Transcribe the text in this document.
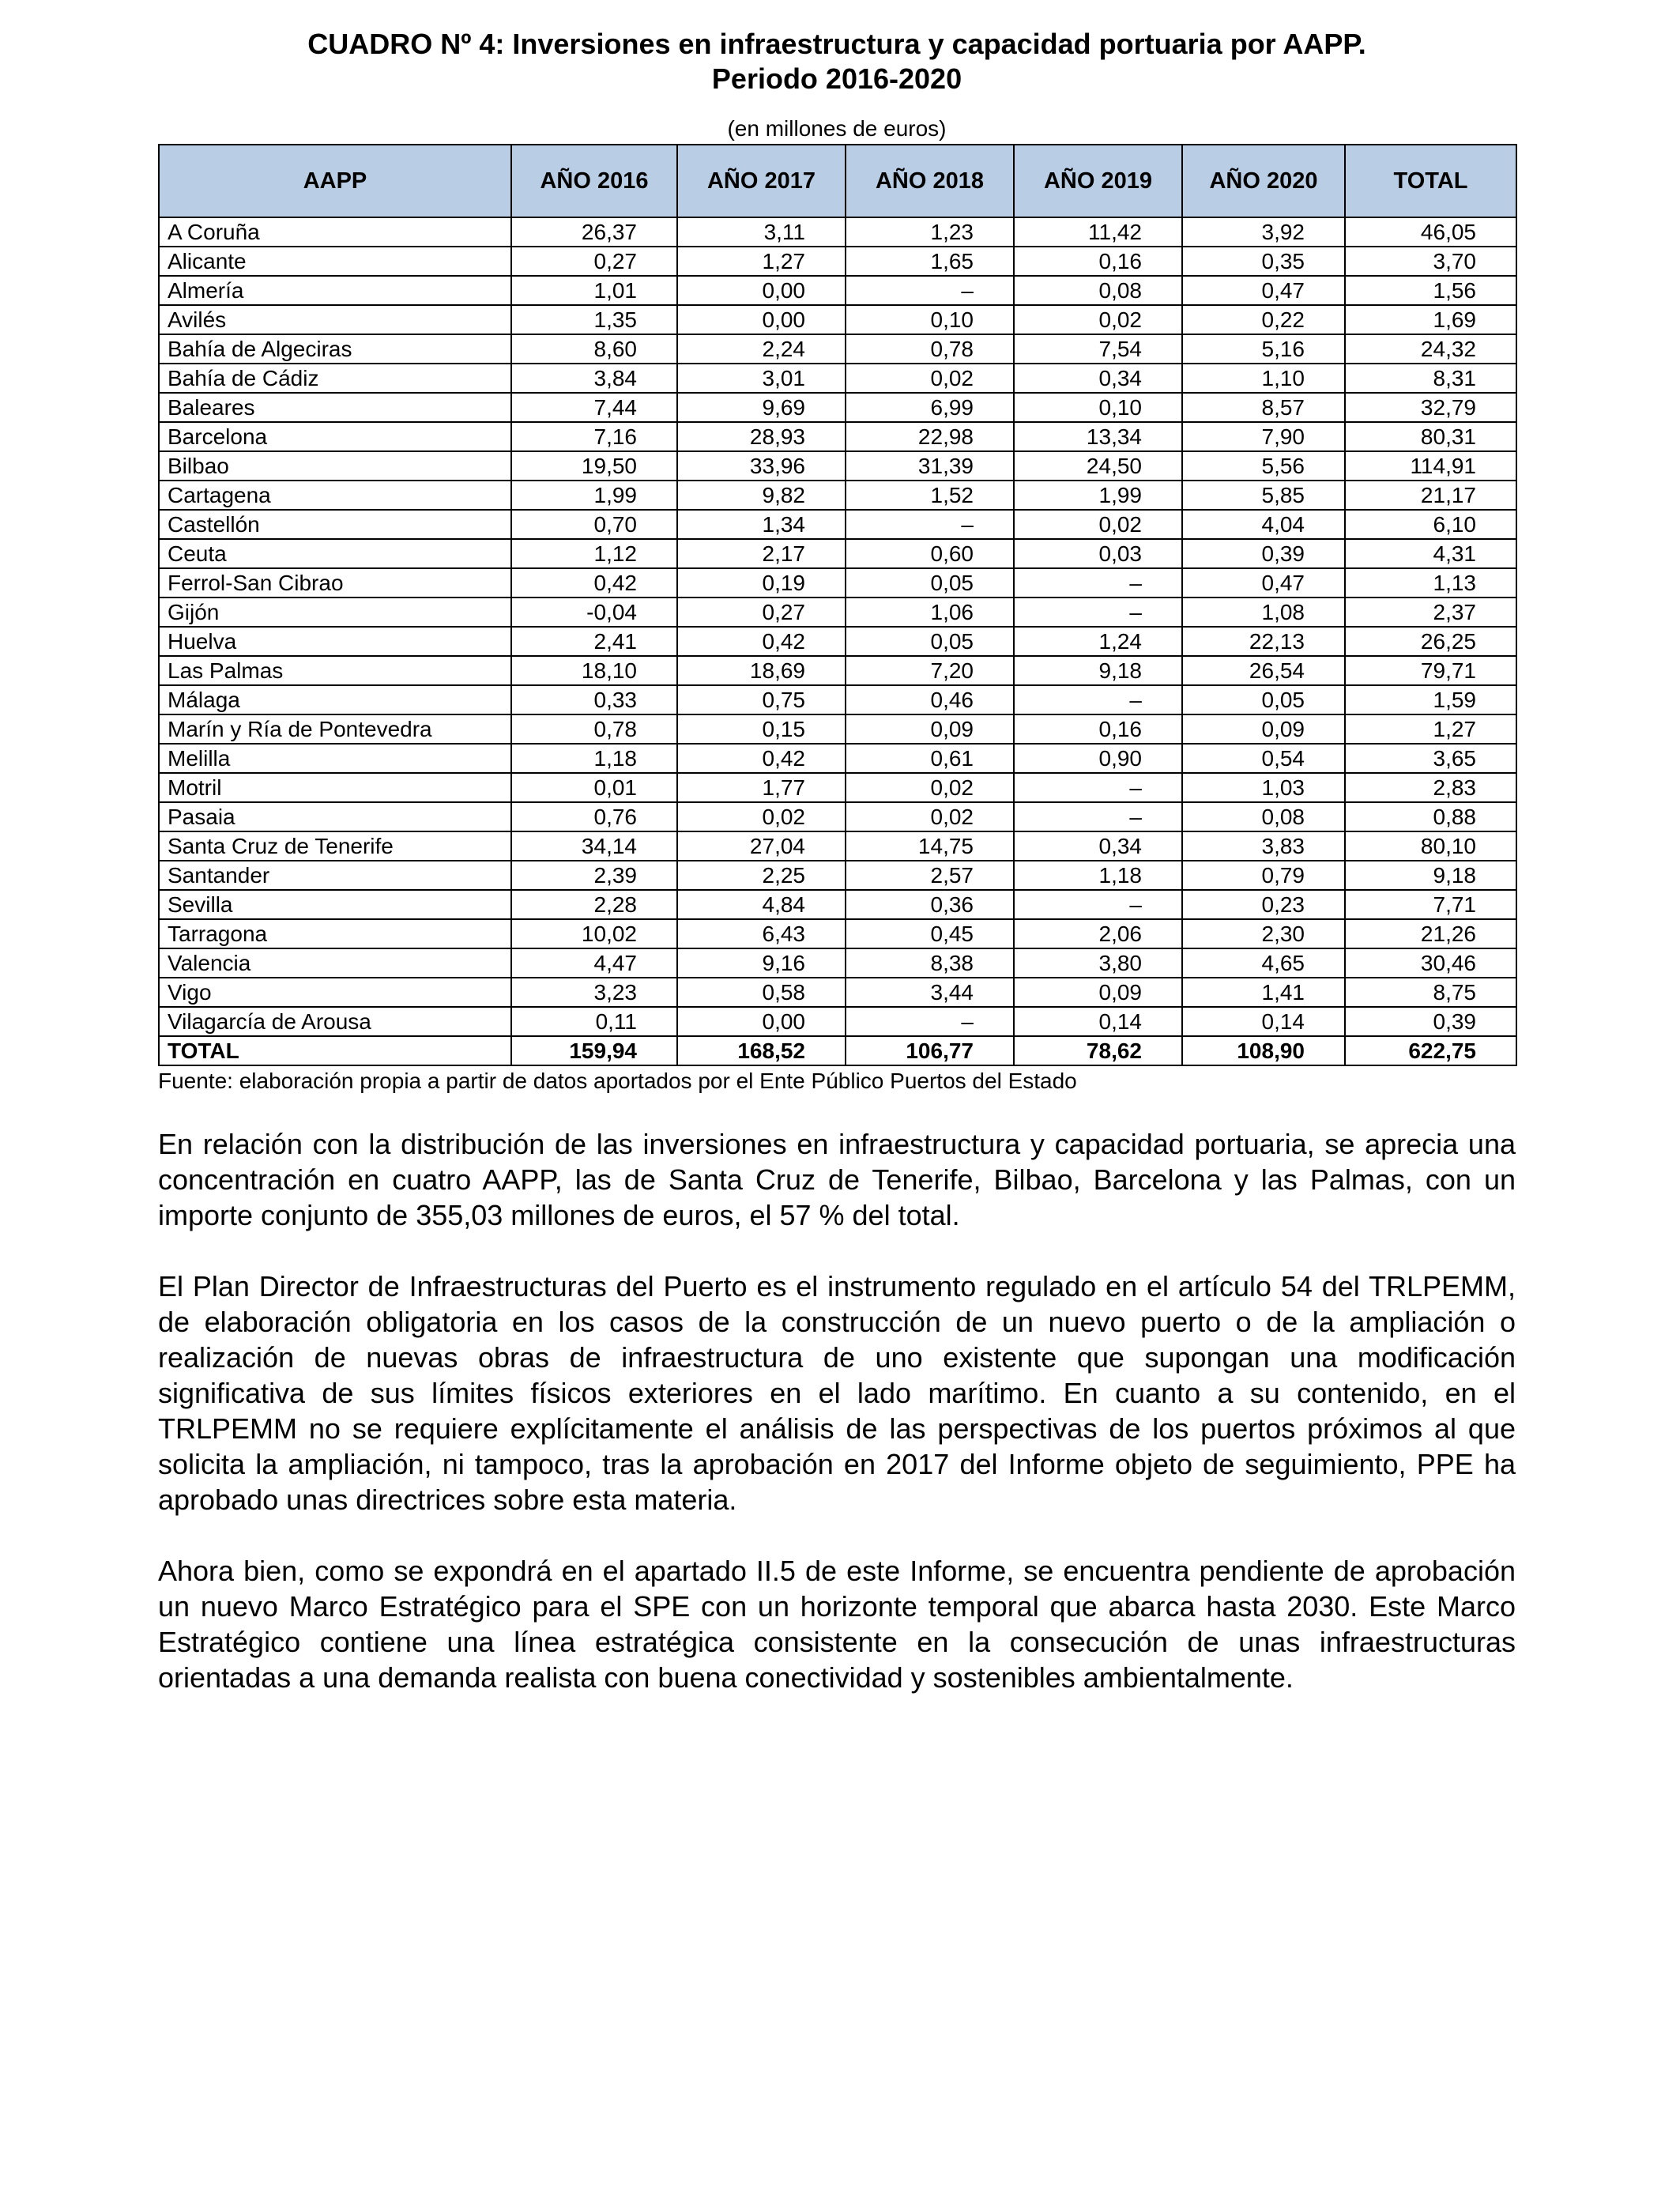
CUADRO Nº 4: Inversiones en infraestructura y capacidad portuaria por AAPP.
Periodo 2016-2020
(en millones de euros)
AAPP	AÑO 2016	AÑO 2017	AÑO 2018	AÑO 2019	AÑO 2020	TOTAL
A Coruña	26,37	3,11	1,23	11,42	3,92	46,05
Alicante	0,27	1,27	1,65	0,16	0,35	3,70
Almería	1,01	0,00	–	0,08	0,47	1,56
Avilés	1,35	0,00	0,10	0,02	0,22	1,69
Bahía de Algeciras	8,60	2,24	0,78	7,54	5,16	24,32
Bahía de Cádiz	3,84	3,01	0,02	0,34	1,10	8,31
Baleares	7,44	9,69	6,99	0,10	8,57	32,79
Barcelona	7,16	28,93	22,98	13,34	7,90	80,31
Bilbao	19,50	33,96	31,39	24,50	5,56	114,91
Cartagena	1,99	9,82	1,52	1,99	5,85	21,17
Castellón	0,70	1,34	–	0,02	4,04	6,10
Ceuta	1,12	2,17	0,60	0,03	0,39	4,31
Ferrol-San Cibrao	0,42	0,19	0,05	–	0,47	1,13
Gijón	-0,04	0,27	1,06	–	1,08	2,37
Huelva	2,41	0,42	0,05	1,24	22,13	26,25
Las Palmas	18,10	18,69	7,20	9,18	26,54	79,71
Málaga	0,33	0,75	0,46	–	0,05	1,59
Marín y Ría de Pontevedra	0,78	0,15	0,09	0,16	0,09	1,27
Melilla	1,18	0,42	0,61	0,90	0,54	3,65
Motril	0,01	1,77	0,02	–	1,03	2,83
Pasaia	0,76	0,02	0,02	–	0,08	0,88
Santa Cruz de Tenerife	34,14	27,04	14,75	0,34	3,83	80,10
Santander	2,39	2,25	2,57	1,18	0,79	9,18
Sevilla	2,28	4,84	0,36	–	0,23	7,71
Tarragona	10,02	6,43	0,45	2,06	2,30	21,26
Valencia	4,47	9,16	8,38	3,80	4,65	30,46
Vigo	3,23	0,58	3,44	0,09	1,41	8,75
Vilagarcía de Arousa	0,11	0,00	–	0,14	0,14	0,39
TOTAL	159,94	168,52	106,77	78,62	108,90	622,75
Fuente: elaboración propia a partir de datos aportados por el Ente Público Puertos del Estado

En relación con la distribución de las inversiones en infraestructura y capacidad portuaria, se aprecia una concentración en cuatro AAPP, las de Santa Cruz de Tenerife, Bilbao, Barcelona y las Palmas, con un importe conjunto de 355,03 millones de euros, el 57 % del total.

El Plan Director de Infraestructuras del Puerto es el instrumento regulado en el artículo 54 del TRLPEMM, de elaboración obligatoria en los casos de la construcción de un nuevo puerto o de la ampliación o realización de nuevas obras de infraestructura de uno existente que supongan una modificación significativa de sus límites físicos exteriores en el lado marítimo. En cuanto a su contenido, en el TRLPEMM no se requiere explícitamente el análisis de las perspectivas de los puertos próximos al que solicita la ampliación, ni tampoco, tras la aprobación en 2017 del Informe objeto de seguimiento, PPE ha aprobado unas directrices sobre esta materia.

Ahora bien, como se expondrá en el apartado II.5 de este Informe, se encuentra pendiente de aprobación un nuevo Marco Estratégico para el SPE con un horizonte temporal que abarca hasta 2030. Este Marco Estratégico contiene una línea estratégica consistente en la consecución de unas infraestructuras orientadas a una demanda realista con buena conectividad y sostenibles ambientalmente.
